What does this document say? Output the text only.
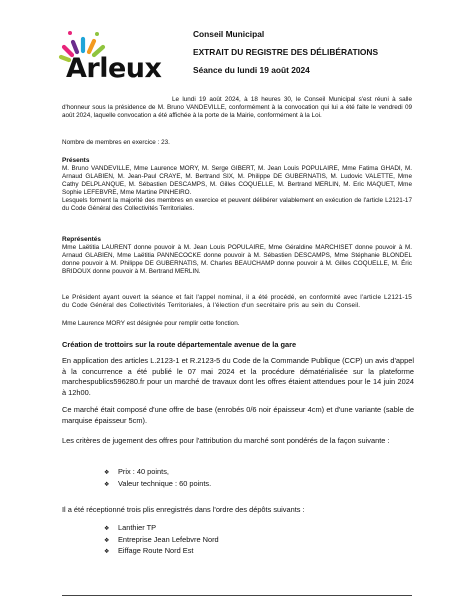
Arleux
Conseil Municipal
EXTRAIT DU REGISTRE DES DÉLIBÉRATIONS
Séance du lundi 19 août 2024
Le lundi 19 août 2024, à 18 heures 30, le Conseil Municipal s'est réuni à salle d'honneur sous la présidence de M. Bruno VANDEVILLE, conformément à la convocation qui lui a été faite le vendredi 09 août 2024, laquelle convocation a été affichée à la porte de la Mairie, conformément à la Loi.
Nombre de membres en exercice : 23.
Présents
M. Bruno VANDEVILLE, Mme Laurence MORY, M. Serge GIBERT, M. Jean Louis POPULAIRE, Mme Fatima GHADI, M. Arnaud GLABIEN, M. Jean-Paul CRAYE, M. Bertrand SIX, M. Philippe DE GUBERNATIS, M. Ludovic VALETTE, Mme Cathy DELPLANQUE, M. Sébastien DESCAMPS, M. Gilles COQUELLE, M. Bertrand MERLIN, M. Eric MAQUET, Mme Sophie LEFEBVRE, Mme Martine PINHEIRO.
Lesquels forment la majorité des membres en exercice et peuvent délibérer valablement en exécution de l'article L2121-17 du Code Général des Collectivités Territoriales.
Représentés
Mme Laëtitia LAURENT donne pouvoir à M. Jean Louis POPULAIRE, Mme Géraldine MARCHISET donne pouvoir à M. Arnaud GLABIEN, Mme Laëtitia PANNECOCKE donne pouvoir à M. Sébastien DESCAMPS, Mme Stéphanie BLONDEL donne pouvoir à M. Philippe DE GUBERNATIS, M. Charles BEAUCHAMP donne pouvoir à M. Gilles COQUELLE, M. Éric BRIDOUX donne pouvoir à M. Bertrand MERLIN.
Le Président ayant ouvert la séance et fait l'appel nominal, il a été procédé, en conformité avec l'article L2121-15 du Code Général des Collectivités Territoriales, à l'élection d'un secrétaire pris au sein du Conseil.
Mme Laurence MORY est désignée pour remplir cette fonction.
Création de trottoirs sur la route départementale avenue de la gare
En application des articles L.2123-1 et R.2123-5 du Code de la Commande Publique (CCP) un avis d'appel à la concurrence a été publié le 07 mai 2024 et la procédure dématérialisée sur la plateforme marchespublics596280.fr pour un marché de travaux dont les offres étaient attendues pour le 14 juin 2024 à 12h00.
Ce marché était composé d'une offre de base (enrobés 0/6 noir épaisseur 4cm) et d'une variante (sable de marquise épaisseur 5cm).
Les critères de jugement des offres pour l'attribution du marché sont pondérés de la façon suivante :
❖ Prix : 40 points,
❖ Valeur technique : 60 points.
Il a été réceptionné trois plis enregistrés dans l'ordre des dépôts suivants :
❖ Lanthier TP
❖ Entreprise Jean Lefebvre Nord
❖ Eiffage Route Nord Est
